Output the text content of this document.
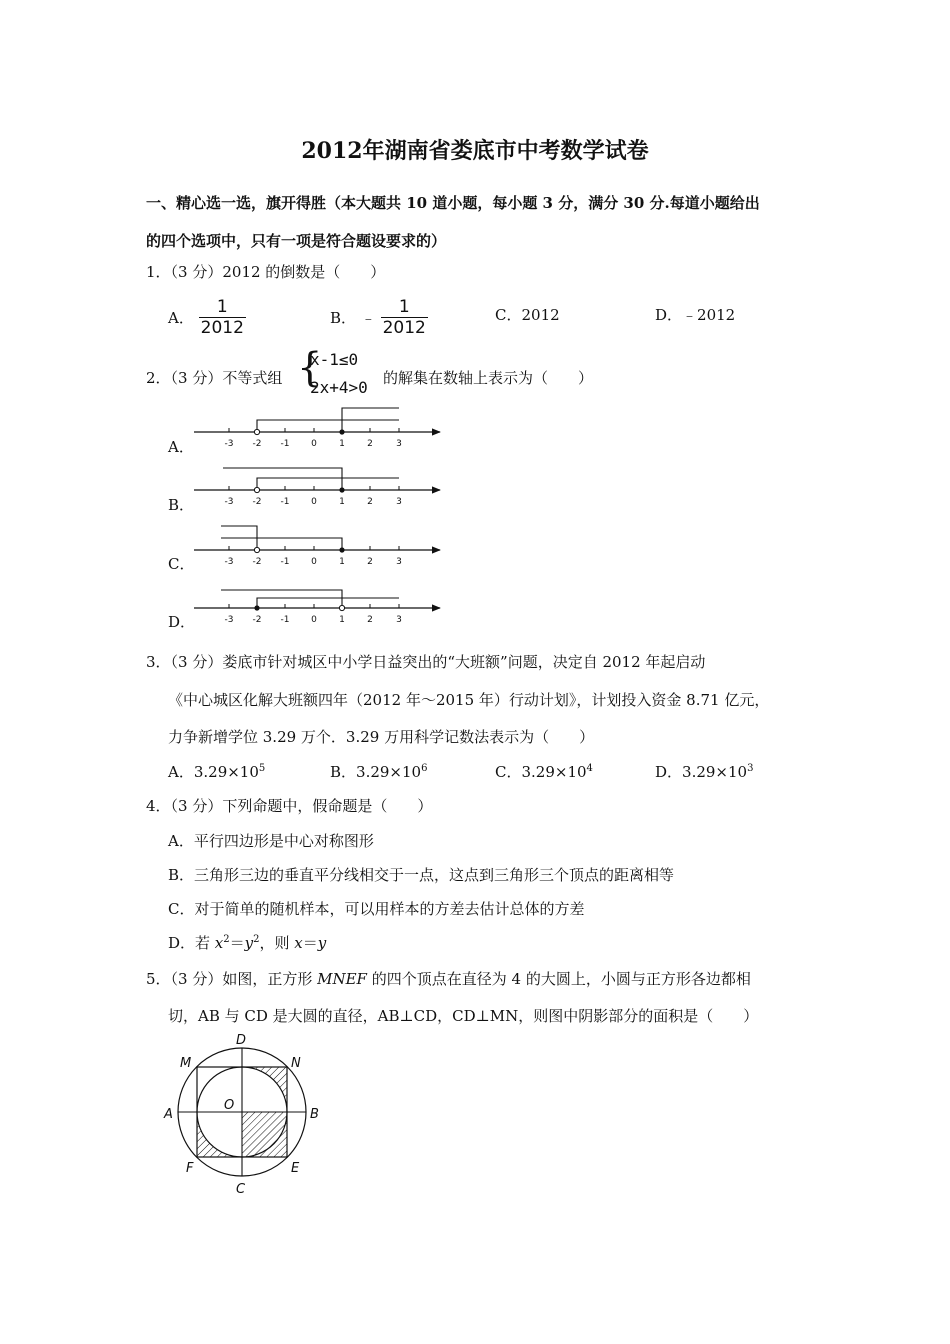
2012年湖南省娄底市中考数学试卷
一、精心选一选，旗开得胜（本大题共 10 道小题，每小题 3 分，满分 30 分.每道小题给出
的四个选项中，只有一项是符合题设要求的）
1．（3 分）2012 的倒数是（　　）
A． $\frac{1}{2012}$	B． ﹣ $\frac{1}{2012}$	C．2012	D．﹣2012
2．（3 分）不等式组 {
x-1≤0
2x+4>0 的解集在数轴上表示为（　　）
A．
B．
C．
D．
-3 -2 -1 0 1 2	3
-3 -2 -1 0 1 2	3
-3 -2 -1 0 1 2	3
-3 -2 -1 0 1 2	3
3．（3 分）娄底市针对城区中小学日益突出的“大班额”问题，决定自 2012 年起启动
《中心城区化解大班额四年（2012 年～2015 年）行动计划》，计划投入资金 8.71 亿元，
力争新增学位 3.29 万个．3.29 万用科学记数法表示为（　　）
A．$3.29\times 10^5$	B．$3.29\times 10^6$	C．$3.29\times 10^4$	D．$3.29\times 10^3$
4．（3 分）下列命题中，假命题是（　　）
A．平行四边形是中心对称图形
B．三角形三边的垂直平分线相交于一点，这点到三角形三个顶点的距离相等
C．对于简单的随机样本，可以用样本的方差去估计总体的方差
D．若 $x^2=y^2$，则 x＝y
5．（3 分）如图，正方形 MNEF 的四个顶点在直径为 4 的大圆上，小圆与正方形各边都相
切，AB 与 CD 是大圆的直径，AB⊥CD，CD⊥MN，则图中阴影部分的面积是（　　）
D
N
M
A
O
B
F	E
C
